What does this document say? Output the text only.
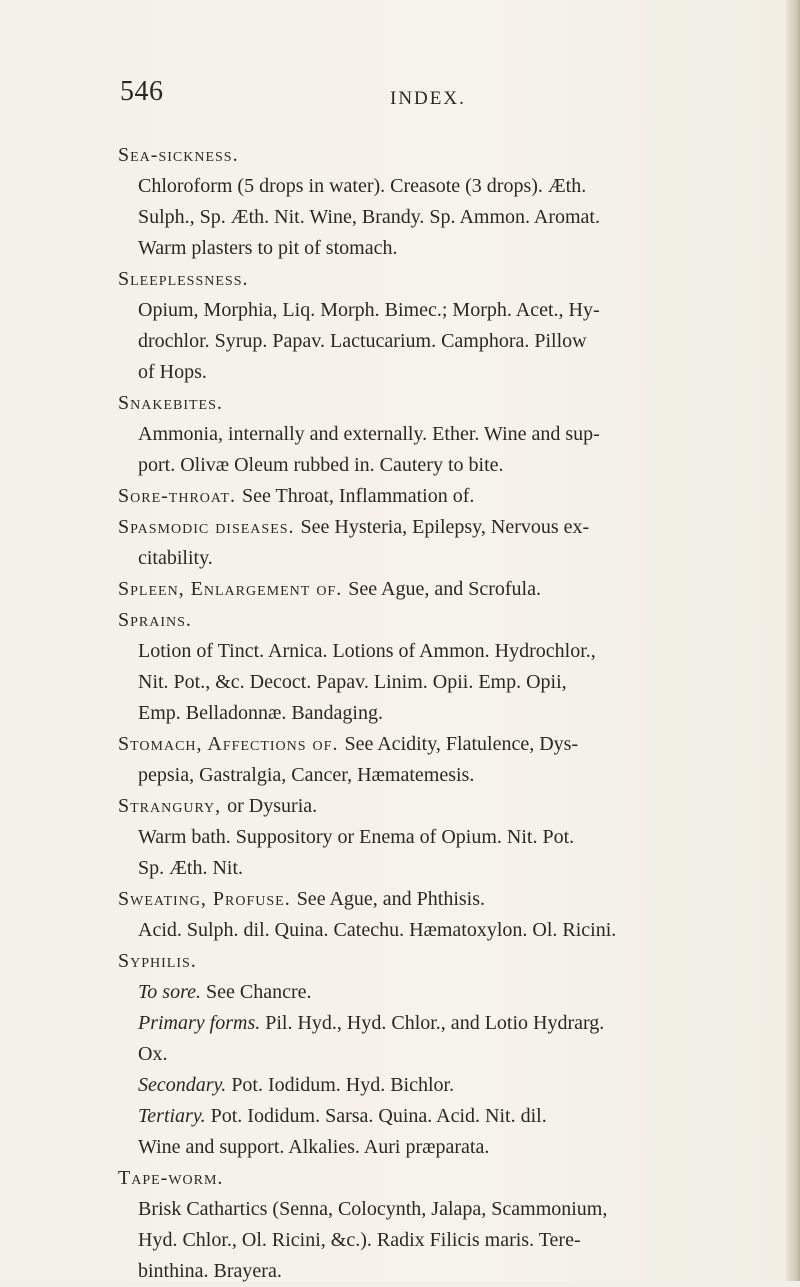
546	INDEX.
Sea-sickness.
Chloroform (5 drops in water). Creasote (3 drops). Æth.
Sulph., Sp. Æth. Nit. Wine, Brandy. Sp. Ammon. Aromat.
Warm plasters to pit of stomach.
Sleeplessness.
Opium, Morphia, Liq. Morph. Bimec.; Morph. Acet., Hy-
drochlor. Syrup. Papav. Lactucarium. Camphora. Pillow
of Hops.
Snakebites.
Ammonia, internally and externally. Ether. Wine and sup-
port. Olivæ Oleum rubbed in. Cautery to bite.
Sore-throat. See Throat, Inflammation of.
Spasmodic diseases. See Hysteria, Epilepsy, Nervous ex-
citability.
Spleen, Enlargement of. See Ague, and Scrofula.
Sprains.
Lotion of Tinct. Arnica. Lotions of Ammon. Hydrochlor.,
Nit. Pot., &c. Decoct. Papav. Linim. Opii. Emp. Opii,
Emp. Belladonnæ. Bandaging.
Stomach, Affections of. See Acidity, Flatulence, Dys-
pepsia, Gastralgia, Cancer, Hæmatemesis.
Strangury, or Dysuria.
Warm bath. Suppository or Enema of Opium. Nit. Pot.
Sp. Æth. Nit.
Sweating, Profuse. See Ague, and Phthisis.
Acid. Sulph. dil. Quina. Catechu. Hæmatoxylon. Ol. Ricini.
Syphilis.
To sore. See Chancre.
Primary forms. Pil. Hyd., Hyd. Chlor., and Lotio Hydrarg.
Ox.
Secondary. Pot. Iodidum. Hyd. Bichlor.
Tertiary. Pot. Iodidum. Sarsa. Quina. Acid. Nit. dil.
Wine and support. Alkalies. Auri præparata.
Tape-worm.
Brisk Cathartics (Senna, Colocynth, Jalapa, Scammonium,
Hyd. Chlor., Ol. Ricini, &c.). Radix Filicis maris. Tere-
binthina. Brayera.
